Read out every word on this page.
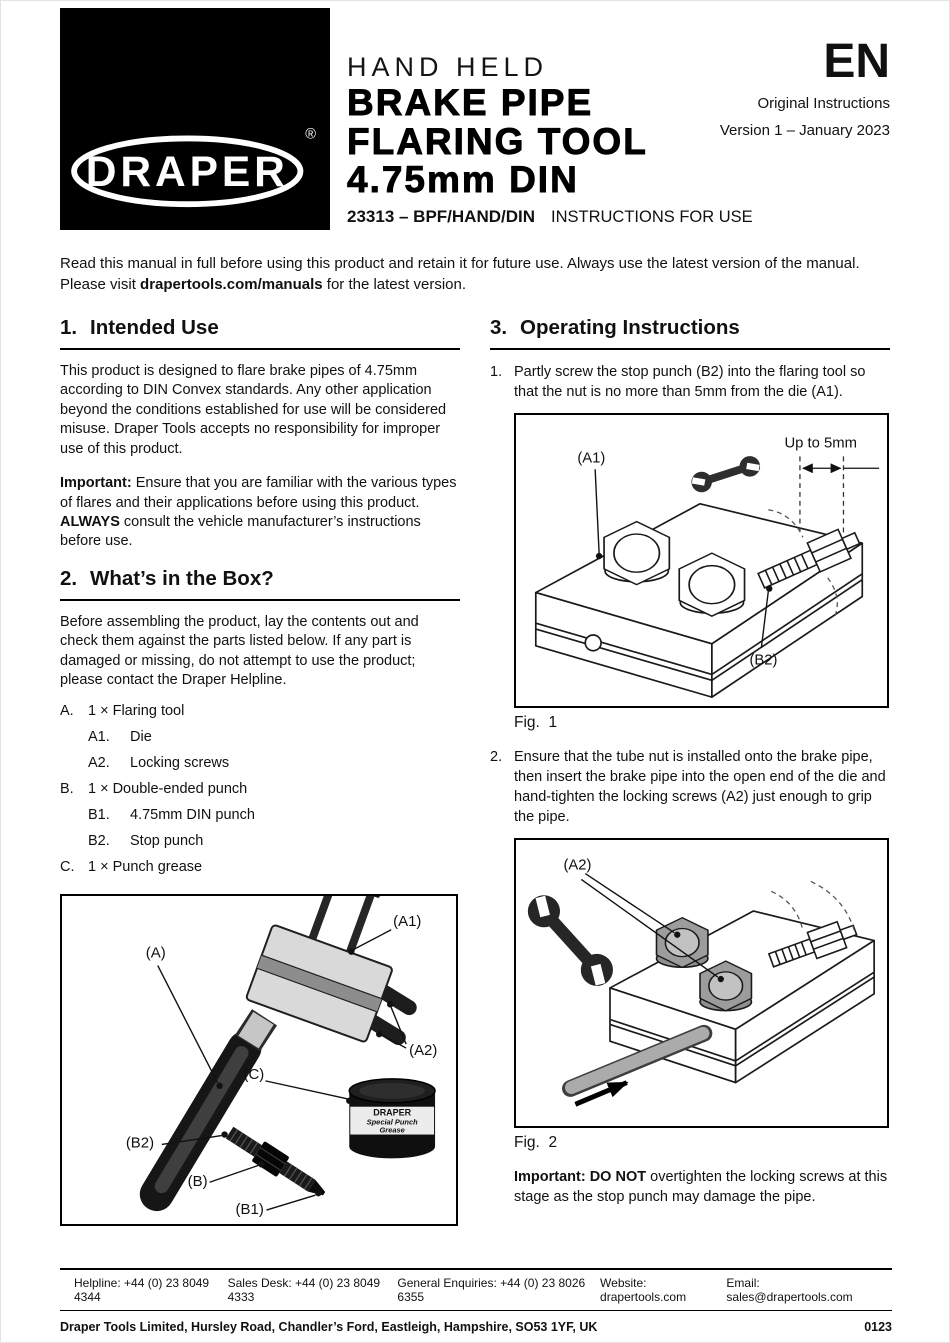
DRAPER
®
HAND HELD
BRAKE PIPE
FLARING TOOL
4.75mm DIN
23313 – BPF/HAND/DIN INSTRUCTIONS FOR USE
EN
Original Instructions
Version 1 – January 2023

Read this manual in full before using this product and retain it for future use. Always use the latest version of the manual. Please visit drapertools.com/manuals for the latest version.

1. Intended Use

This product is designed to flare brake pipes of 4.75mm according to DIN Convex standards. Any other application beyond the conditions established for use will be considered misuse. Draper Tools accepts no responsibility for improper use of this product.

Important: Ensure that you are familiar with the various types of flares and their applications before using this product. ALWAYS consult the vehicle manufacturer’s instructions before use.

2. What’s in the Box?

Before assembling the product, lay the contents out and check them against the parts listed below. If any part is damaged or missing, do not attempt to use the product; please contact the Draper Helpline.

A. 1 × Flaring tool
A1.	Die
A2.	Locking screws
B. 1 × Double-ended punch
B1.	4.75mm DIN punch
B2.	Stop punch
C. 1 × Punch grease
DRAPER
Special Punch
Grease
(A1)
(A)
(A2)
(C)
(B2)
(B)
(B1)
3. Operating Instructions
1. Partly screw the stop punch (B2) into the flaring tool so that the nut is no more than 5mm from the die (A1).
(A1)
(B2)
Up to 5mm
Fig.  1
2. Ensure that the tube nut is installed onto the brake pipe, then insert the brake pipe into the open end of the die and hand-tighten the locking screws (A2) just enough to grip the pipe.
(A2)
Fig.  2

Important: DO NOT overtighten the locking screws at this stage as the stop punch may damage the pipe.

Helpline: +44 (0) 23 8049 4344
Sales Desk: +44 (0) 23 8049 4333
General Enquiries: +44 (0) 23 8026 6355
Website: drapertools.com
Email: sales@drapertools.com
Draper Tools Limited, Hursley Road, Chandler’s Ford, Eastleigh, Hampshire, SO53 1YF, UK	0123
